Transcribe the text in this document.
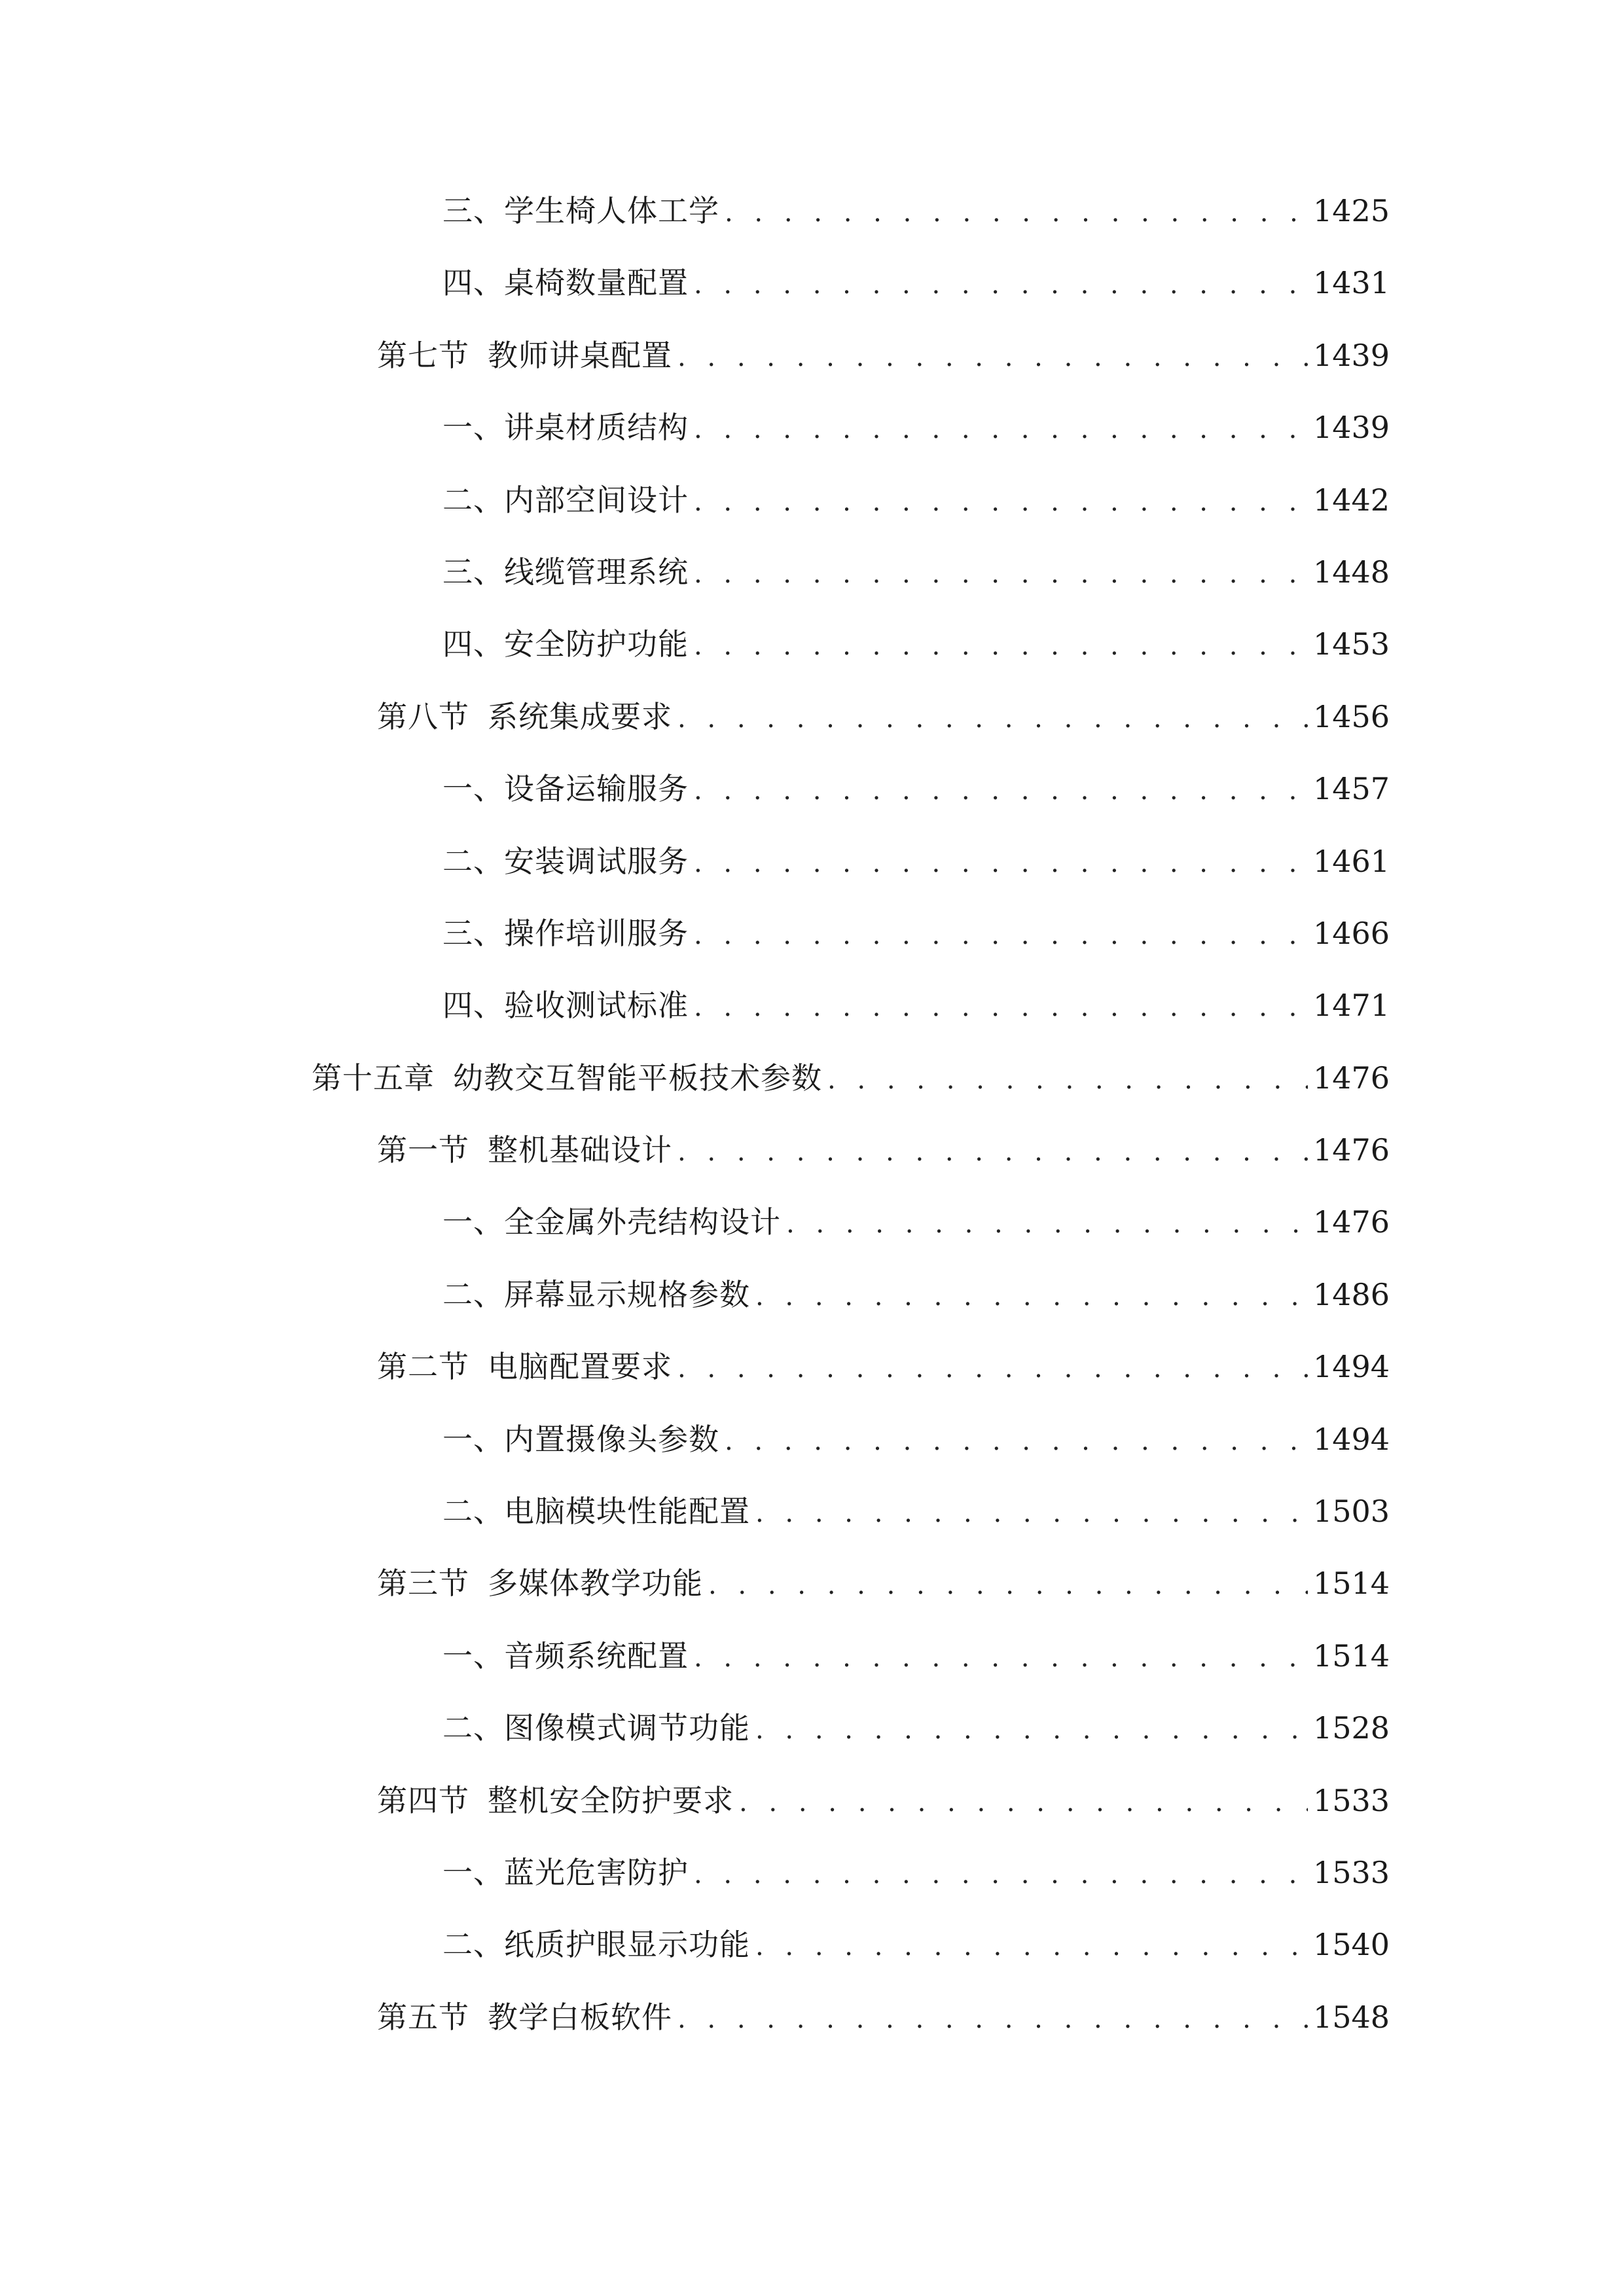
三、 学生椅人体工学 . . .	1425
四、 桌椅数量配置 . . .	1431
第七节 教师讲桌配置 . . .	1439
一、 讲桌材质结构 . . .	1439
二、 内部空间设计 . . .	1442
三、 线缆管理系统 . . .	1448
四、 安全防护功能 . . .	1453
第八节 系统集成要求 . . .	1456
一、 设备运输服务 . . .	1457
二、 安装调试服务 . . .	1461
三、 操作培训服务 . . .	1466
四、 验收测试标准 . . .	1471
第十五章 幼教交互智能平板技术参数 . . .	1476
第一节 整机基础设计 . . .	1476
一、 全金属外壳结构设计 . . .	1476
二、 屏幕显示规格参数 . . .	1486
第二节 电脑配置要求 . . .	1494
一、 内置摄像头参数 . . .	1494
二、 电脑模块性能配置 . . .	1503
第三节 多媒体教学功能 . . .	1514
一、 音频系统配置 . . .	1514
二、 图像模式调节功能 . . .	1528
第四节 整机安全防护要求 . . .	1533
一、 蓝光危害防护 . . .	1533
二、 纸质护眼显示功能 . . .	1540
第五节 教学白板软件 . . .	1548
